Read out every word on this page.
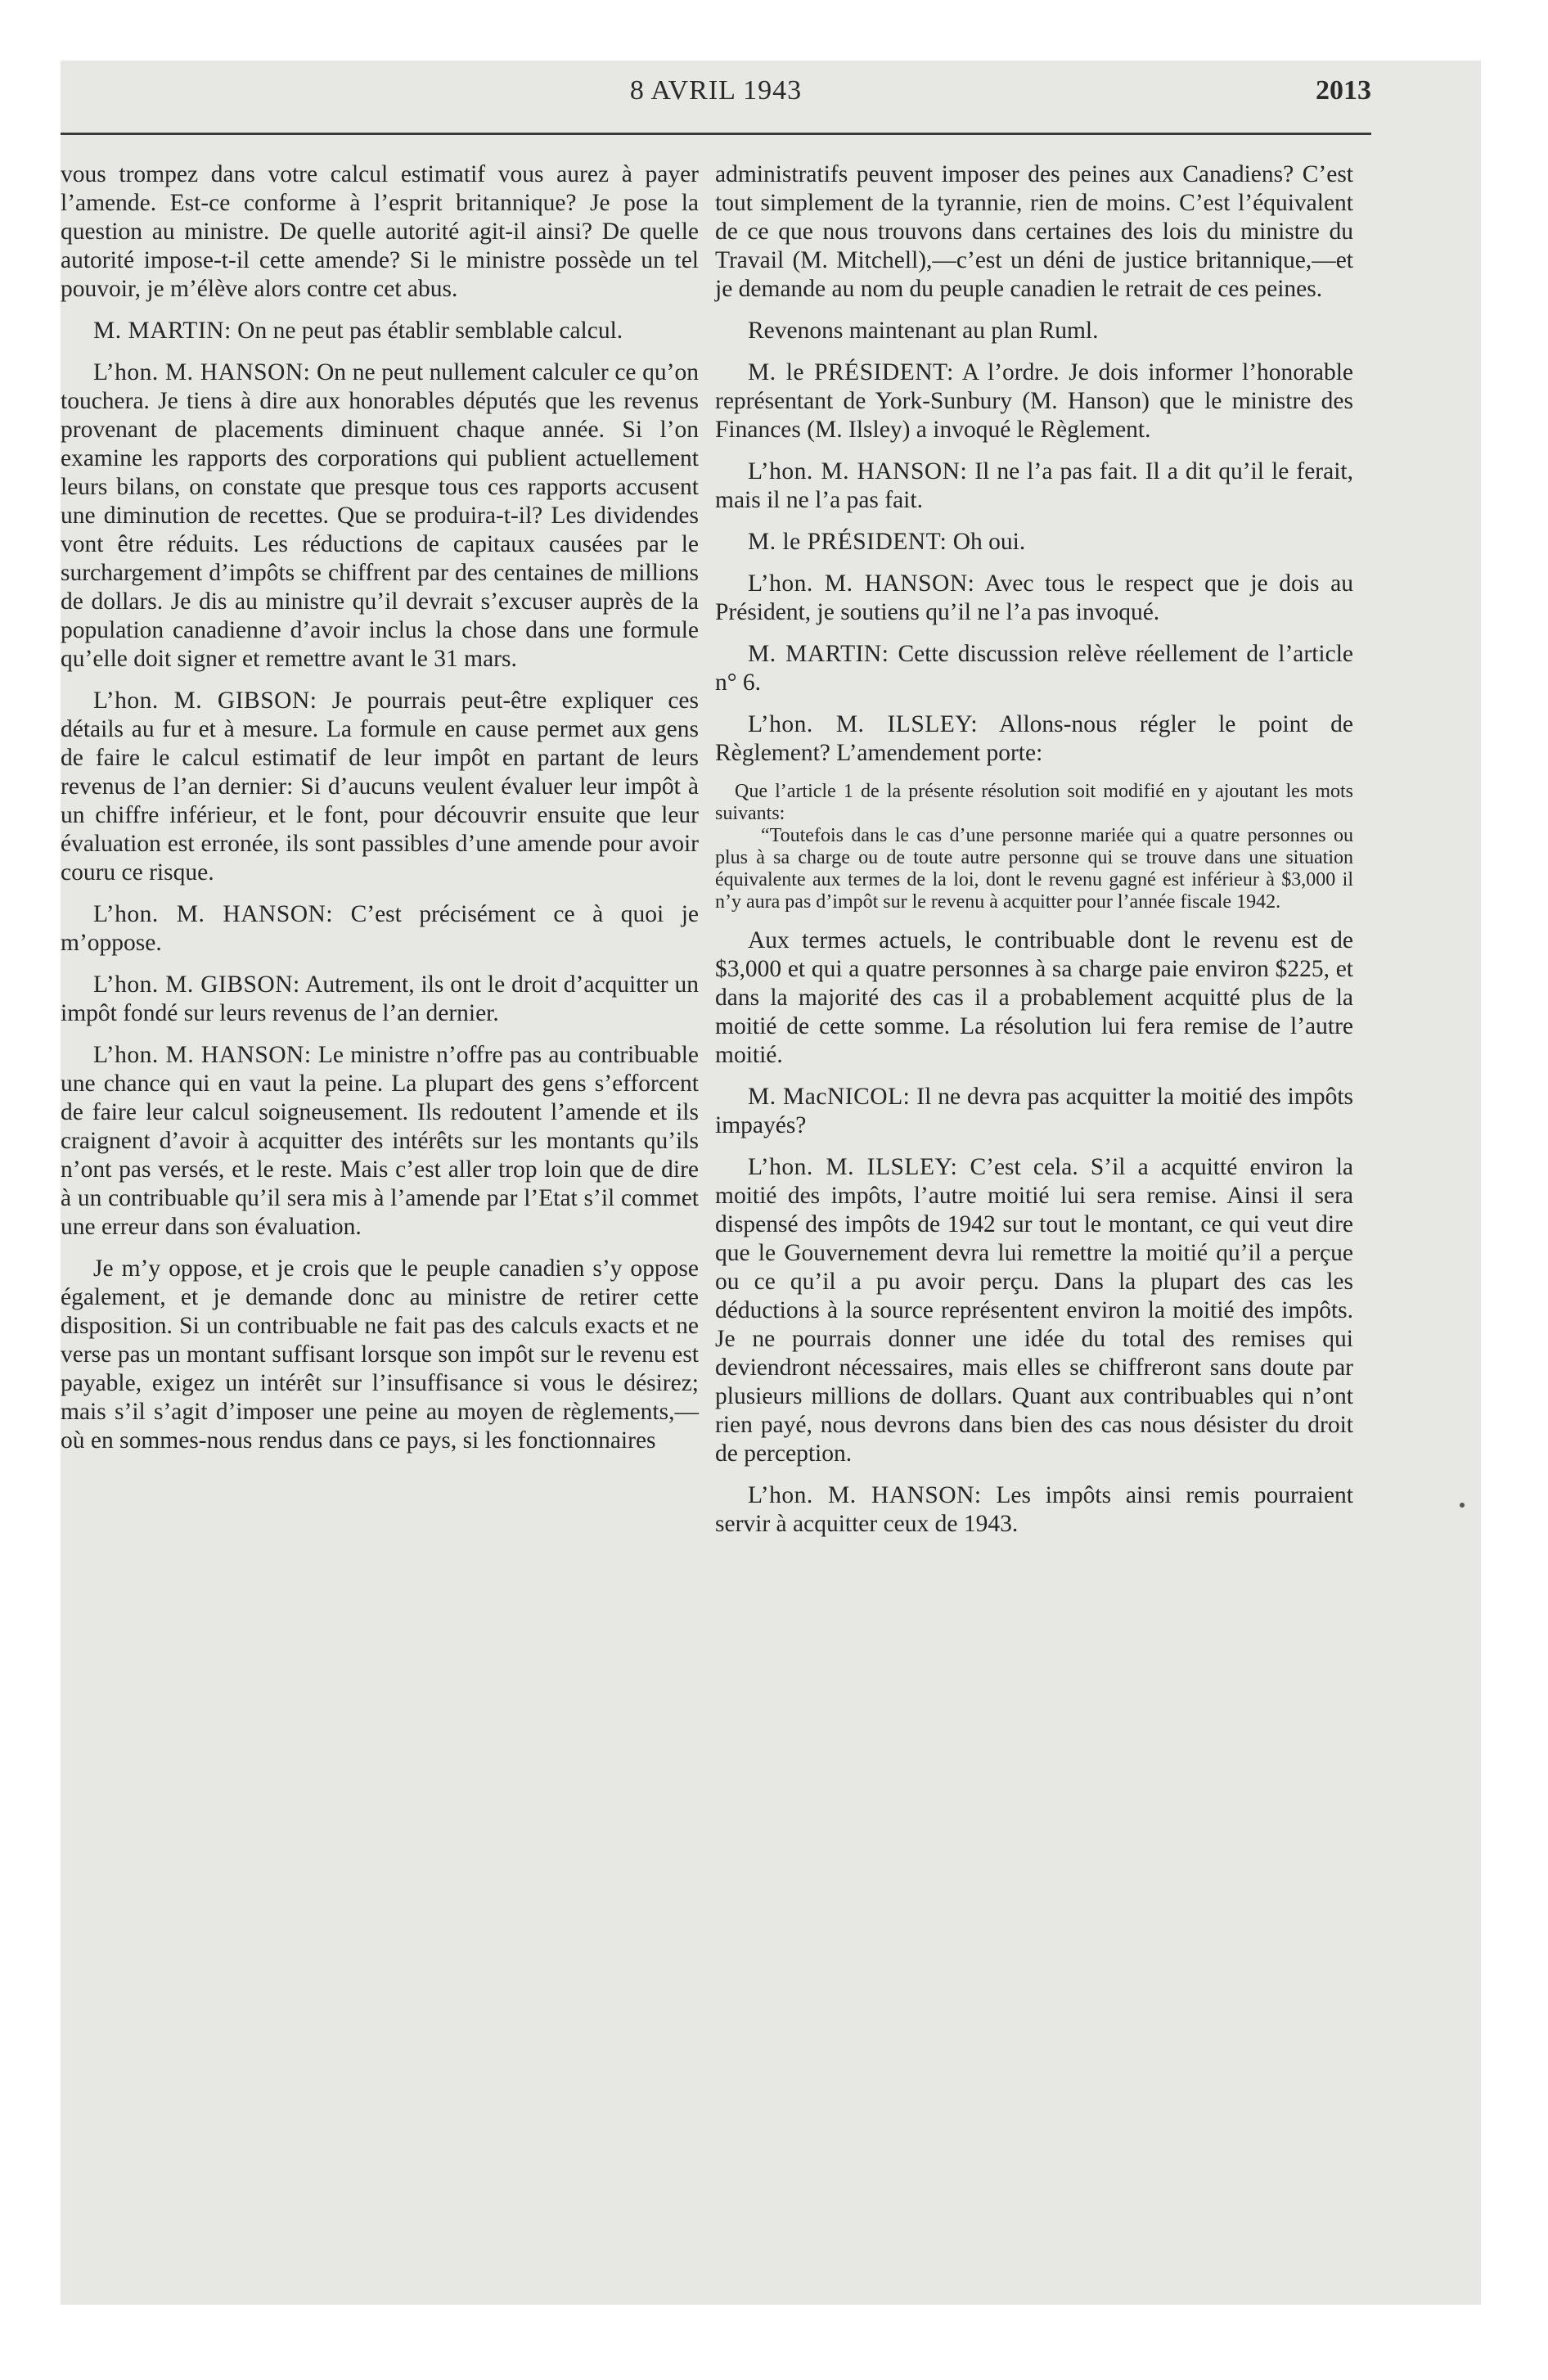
8 AVRIL 1943	2013

vous trompez dans votre calcul estimatif vous aurez à payer l’amende. Est-ce conforme à l’esprit britannique? Je pose la question au ministre. De quelle autorité agit-il ainsi? De quelle autorité impose-t-il cette amende? Si le ministre possède un tel pouvoir, je m’élève alors contre cet abus.

M. MARTIN: On ne peut pas établir semblable calcul.

L’hon. M. HANSON: On ne peut nullement calculer ce qu’on touchera. Je tiens à dire aux honorables députés que les revenus provenant de placements diminuent chaque année. Si l’on examine les rapports des corporations qui publient actuellement leurs bilans, on constate que presque tous ces rapports accusent une diminution de recettes. Que se produira-t-il? Les dividendes vont être réduits. Les réductions de capitaux causées par le surchargement d’impôts se chiffrent par des centaines de millions de dollars. Je dis au ministre qu’il devrait s’excuser auprès de la population canadienne d’avoir inclus la chose dans une formule qu’elle doit signer et remettre avant le 31 mars.

L’hon. M. GIBSON: Je pourrais peut-être expliquer ces détails au fur et à mesure. La formule en cause permet aux gens de faire le calcul estimatif de leur impôt en partant de leurs revenus de l’an dernier: Si d’aucuns veulent évaluer leur impôt à un chiffre inférieur, et le font, pour découvrir ensuite que leur évaluation est erronée, ils sont passibles d’une amende pour avoir couru ce risque.

L’hon. M. HANSON: C’est précisément ce à quoi je m’oppose.

L’hon. M. GIBSON: Autrement, ils ont le droit d’acquitter un impôt fondé sur leurs revenus de l’an dernier.

L’hon. M. HANSON: Le ministre n’offre pas au contribuable une chance qui en vaut la peine. La plupart des gens s’efforcent de faire leur calcul soigneusement. Ils redoutent l’amende et ils craignent d’avoir à acquitter des intérêts sur les montants qu’ils n’ont pas versés, et le reste. Mais c’est aller trop loin que de dire à un contribuable qu’il sera mis à l’amende par l’Etat s’il commet une erreur dans son évaluation.

Je m’y oppose, et je crois que le peuple canadien s’y oppose également, et je demande donc au ministre de retirer cette disposition. Si un contribuable ne fait pas des calculs exacts et ne verse pas un montant suffisant lorsque son impôt sur le revenu est payable, exigez un intérêt sur l’insuffisance si vous le désirez; mais s’il s’agit d’imposer une peine au moyen de règlements,—où en sommes-nous rendus dans ce pays, si les fonctionnaires

administratifs peuvent imposer des peines aux Canadiens? C’est tout simplement de la tyrannie, rien de moins. C’est l’équivalent de ce que nous trouvons dans certaines des lois du ministre du Travail (M. Mitchell),—c’est un déni de justice britannique,—et je demande au nom du peuple canadien le retrait de ces peines.

Revenons maintenant au plan Ruml.

M. le PRÉSIDENT: A l’ordre. Je dois informer l’honorable représentant de York-Sunbury (M. Hanson) que le ministre des Finances (M. Ilsley) a invoqué le Règlement.

L’hon. M. HANSON: Il ne l’a pas fait. Il a dit qu’il le ferait, mais il ne l’a pas fait.

M. le PRÉSIDENT: Oh oui.

L’hon. M. HANSON: Avec tous le respect que je dois au Président, je soutiens qu’il ne l’a pas invoqué.

M. MARTIN: Cette discussion relève réellement de l’article n° 6.

L’hon. M. ILSLEY: Allons-nous régler le point de Règlement? L’amendement porte:

Que l’article 1 de la présente résolution soit modifié en y ajoutant les mots suivants:
“Toutefois dans le cas d’une personne mariée qui a quatre personnes ou plus à sa charge ou de toute autre personne qui se trouve dans une situation équivalente aux termes de la loi, dont le revenu gagné est inférieur à $3,000 il n’y aura pas d’impôt sur le revenu à acquitter pour l’année fiscale 1942.

Aux termes actuels, le contribuable dont le revenu est de $3,000 et qui a quatre personnes à sa charge paie environ $225, et dans la majorité des cas il a probablement acquitté plus de la moitié de cette somme. La résolution lui fera remise de l’autre moitié.

M. MacNICOL: Il ne devra pas acquitter la moitié des impôts impayés?

L’hon. M. ILSLEY: C’est cela. S’il a acquitté environ la moitié des impôts, l’autre moitié lui sera remise. Ainsi il sera dispensé des impôts de 1942 sur tout le montant, ce qui veut dire que le Gouvernement devra lui remettre la moitié qu’il a perçue ou ce qu’il a pu avoir perçu. Dans la plupart des cas les déductions à la source représentent environ la moitié des impôts. Je ne pourrais donner une idée du total des remises qui deviendront nécessaires, mais elles se chiffreront sans doute par plusieurs millions de dollars. Quant aux contribuables qui n’ont rien payé, nous devrons dans bien des cas nous désister du droit de perception.

L’hon. M. HANSON: Les impôts ainsi remis pourraient servir à acquitter ceux de 1943.
